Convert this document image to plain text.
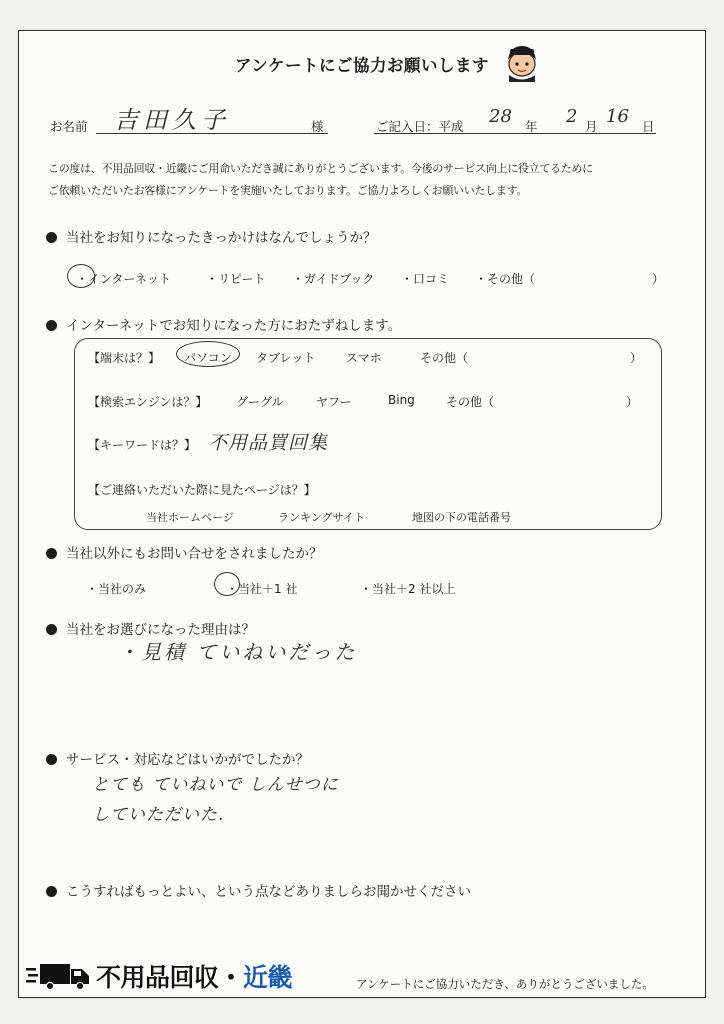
アンケートにご協力お願いします
お名前 吉田久子	様	ご記入日：平成 28 年 2 月 16 日
この度は、不用品回収・近畿にご用命いただき誠にありがとうございます。今後のサービス向上に役立てるために
ご依頼いただいたお客様にアンケートを実施いたしております。ご協力よろしくお願いいたします。
当社をお知りになったきっかけはなんでしょうか？
・インターネット	・リピート ・ガイドブック ・口コミ ・その他（	）
インターネットでお知りになった方におたずねします。
【端末は？】 パソコン タブレット	スマホ	その他（	）
【検索エンジンは？】 グーグル	ヤフー	Bing	その他（	）
【キーワードは？】 不用品買回集
【ご連絡いただいた際に見たページは？】
当社ホームページ	ランキングサイト	地図の下の電話番号
当社以外にもお問い合せをされましたか？
・当社のみ	・当社＋1 社	・当社＋2 社以上
当社をお選びになった理由は？
・見積 ていねいだった
サービス・対応などはいかがでしたか？
とても ていねいで しんせつに
していただいた.
こうすればもっとよい、という点などありましらお聞かせください
不用品回収・近畿	アンケートにご協力いただき、ありがとうございました。
